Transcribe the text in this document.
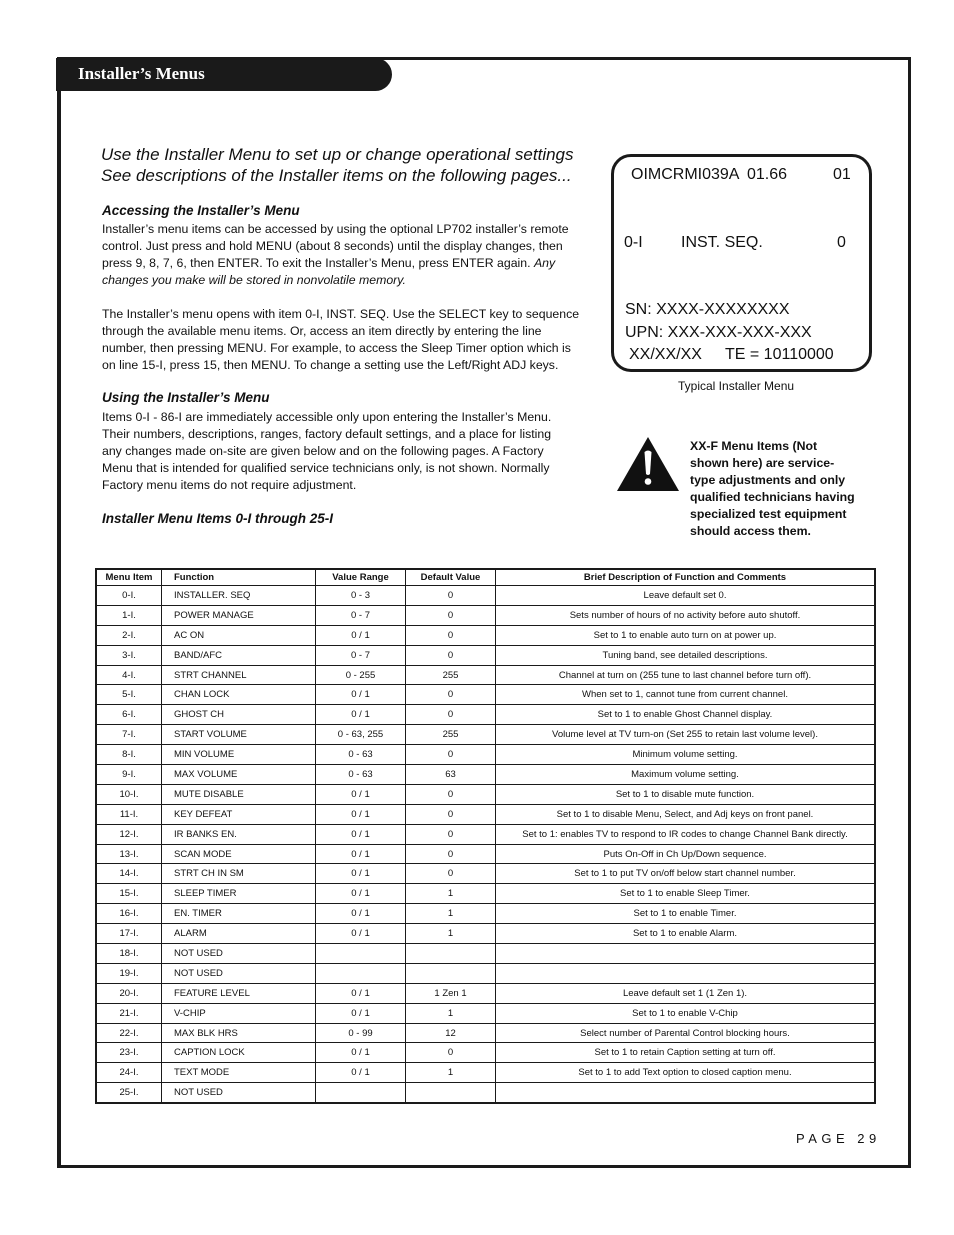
Installer’s Menus
Use the Installer Menu to set up or change operational settings
See descriptions of the Installer items on the following pages...
Accessing the Installer’s Menu
Installer’s menu items can be accessed by using the optional LP702 installer’s remote
control. Just press and hold MENU (about 8 seconds) until the display changes, then
press 9, 8, 7, 6, then ENTER. To exit the Installer’s Menu, press ENTER again. Any
changes you make will be stored in nonvolatile memory.
The Installer’s menu opens with item 0-I, INST. SEQ. Use the SELECT key to sequence
through the available menu items. Or, access an item directly by entering the line
number, then pressing MENU. For example, to access the Sleep Timer option which is
on line 15-I, press 15, then MENU. To change a setting use the Left/Right ADJ keys.
Using the Installer’s Menu
Items 0-I - 86-I are immediately accessible only upon entering the Installer’s Menu.
Their numbers, descriptions, ranges, factory default settings, and a place for listing
any changes made on-site are given below and on the following pages. A Factory
Menu that is intended for qualified service technicians only, is not shown. Normally
Factory menu items do not require adjustment.
Installer Menu Items 0-I through 25-I
OIMCRMI039A 01.66	01
0-I INST. SEQ.	0
SN: XXXX-XXXXXXXX
UPN: XXX-XXX-XXX-XXX
XX/XX/XX TE = 10110000
Typical Installer Menu
XX-F Menu Items (Not
shown here) are service-
type adjustments and only
qualified technicians having
specialized test equipment
should access them.
Menu Item	Function	Value Range	Default Value	Brief Description of Function and Comments
0-I.	INSTALLER. SEQ	0 - 3	0	Leave default set 0.
1-I.	POWER MANAGE	0 - 7	0	Sets number of hours of no activity before auto shutoff.
2-I.	AC ON	0 / 1	0	Set to 1 to enable auto turn on at power up.
3-I.	BAND/AFC	0 - 7	0	Tuning band, see detailed descriptions.
4-I.	STRT CHANNEL	0 - 255	255	Channel at turn on (255 tune to last channel before turn off).
5-I.	CHAN LOCK	0 / 1	0	When set to 1, cannot tune from current channel.
6-I.	GHOST CH	0 / 1	0	Set to 1 to enable Ghost Channel display.
7-I.	START VOLUME	0 - 63, 255	255	Volume level at TV turn-on (Set 255 to retain last volume level).
8-I.	MIN VOLUME	0 - 63	0	Minimum volume setting.
9-I.	MAX VOLUME	0 - 63	63	Maximum volume setting.
10-I.	MUTE DISABLE	0 / 1	0	Set to 1 to disable mute function.
11-I.	KEY DEFEAT	0 / 1	0	Set to 1 to disable Menu, Select, and Adj keys on front panel.
12-I.	IR BANKS EN.	0 / 1	0	Set to 1: enables TV to respond to IR codes to change Channel Bank directly.
13-I.	SCAN MODE	0 / 1	0	Puts On-Off in Ch Up/Down sequence.
14-I.	STRT CH IN SM	0 / 1	0	Set to 1 to put TV on/off below start channel number.
15-I.	SLEEP TIMER	0 / 1	1	Set to 1 to enable Sleep Timer.
16-I.	EN. TIMER	0 / 1	1	Set to 1 to enable Timer.
17-I.	ALARM	0 / 1	1	Set to 1 to enable Alarm.
18-I.	NOT USED			
19-I.	NOT USED			
20-I.	FEATURE LEVEL	0 / 1	1 Zen 1	Leave default set 1 (1 Zen 1).
21-I.	V-CHIP	0 / 1	1	Set to 1 to enable V-Chip
22-I.	MAX BLK HRS	0 - 99	12	Select number of Parental Control blocking hours.
23-I.	CAPTION LOCK	0 / 1	0	Set to 1 to retain Caption setting at turn off.
24-I.	TEXT MODE	0 / 1	1	Set to 1 to add Text option to closed caption menu.
25-I.	NOT USED			
PAGE 29
